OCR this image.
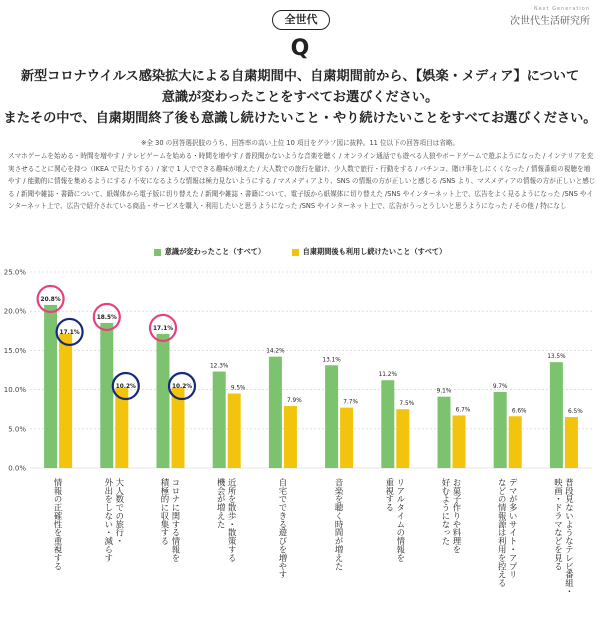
全世代
Next Generation
次世代生活研究所
Q
新型コロナウイルス感染拡大による自粛期間中、自粛期間前から、【娯楽・メディア】について
意識が変わったことをすべてお選びください。
またその中で、自粛期間終了後も意識し続けたいこと・やり続けたいことをすべてお選びください。
※全 30 の回答選択肢のうち、回答率の高い上位 10 項目をグラフ図に抜粋。11 位以下の回答項目は省略。
スマホゲームを始める・時間を増やす / テレビゲームを始める・時間を増やす / 普段聞かないような音楽を聴く / オンライン通話でも遊べる人狼やボードゲームで遊ぶようになった / インテリアを充実させることに関心を持つ（IKEA で見たりする）/ 家で 1 人でできる趣味が増えた / 大人数での旅行を避け、少人数で旅行・行動をする / パチンコ、賭け事をしにくくなった / 情報番組の視聴を増やす / 能動的に情報を集めるようにする / 不安になるような情報は極力見ないようにする / マスメディアより、SNS の情報の方が正しいと感じる /SNS より、マスメディアの情報の方が正しいと感じる / 新聞や雑誌・書籍について、紙媒体から電子版に切り替えた / 新聞や雑誌・書籍について、電子版から紙媒体に切り替えた /SNS やインターネット上で、広告をよく見るようになった /SNS やインターネット上で、広告で紹介されている商品・サービスを購入・利用したいと思うようになった /SNS やインターネット上で、広告がうっとうしいと思うようになった / その他 / 特になし
意識が変わったこと（すべて）
	自粛期間後も利用し続けたいこと（すべて）
0.0%
5.0%
10.0%
15.0%
20.0%
25.0%
20.8%
17.1%
情報の正確性を重視する
18.5%
10.2%
大人数での旅行・
外出をしない・減らす
17.1%
10.2%
コロナに関する情報を
積極的に収集する
12.3%
9.5%
近所を散歩・散策する
機会が増えた
14.2%
7.9%
自宅でできる遊びを増やす
13.1%
7.7%
音楽を聴く時間が増えた
11.2%
7.5%
リアルタイムの情報を
重視する
9.1%
6.7%
お菓子作りや料理を
好むようになった
9.7%
6.6%
デマが多いサイト・アプリ
などの情報源は利用を控える
13.5%
6.5%
普段見ないようなテレビ番組・
映画・ドラマなどを見る
